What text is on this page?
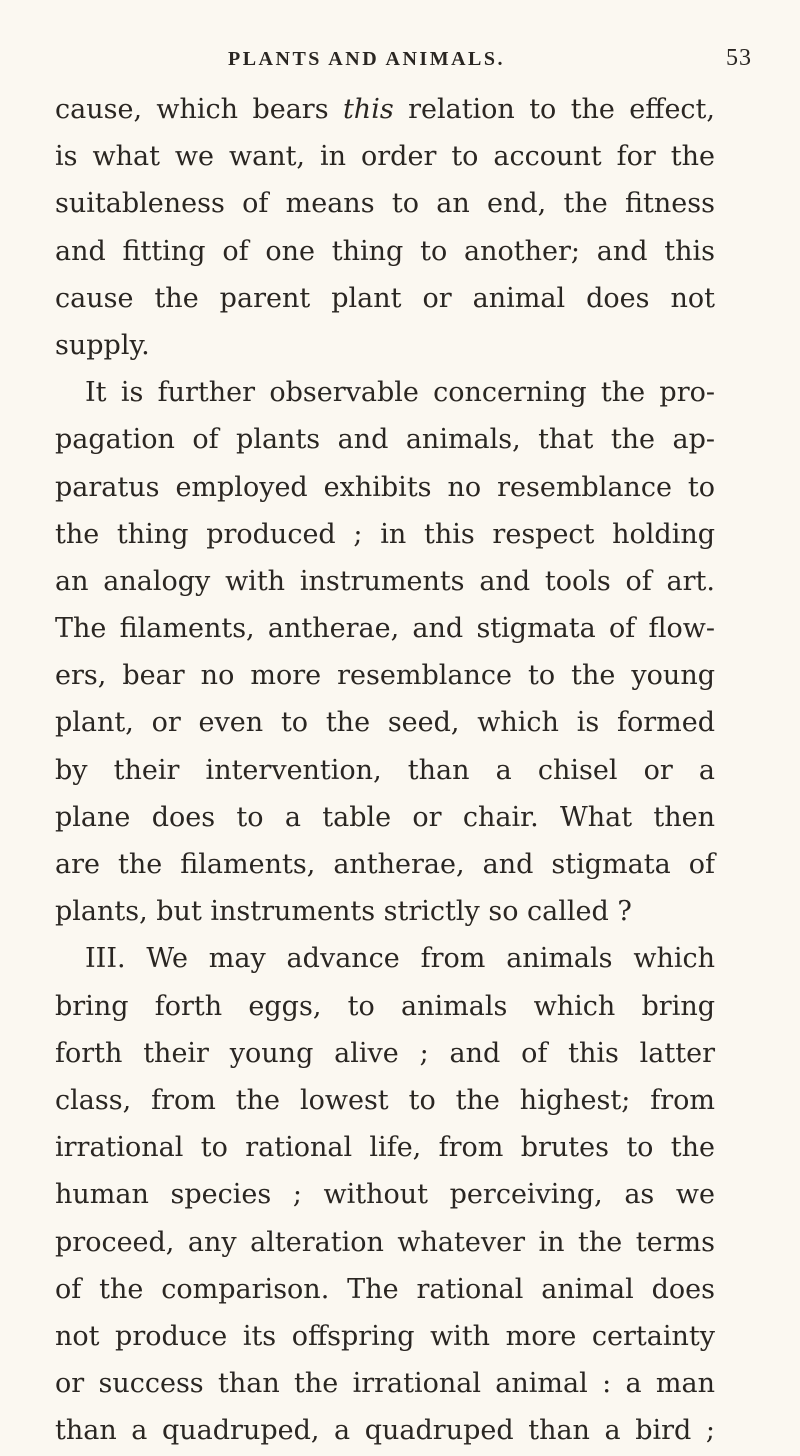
PLANTS AND ANIMALS.	53
cause, which bears this relation to the effect,
is what we want, in order to account for the
suitableness of means to an end, the fitness
and fitting of one thing to another; and this
cause the parent plant or animal does not
supply.
It is further observable concerning the pro-
pagation of plants and animals, that the ap-
paratus employed exhibits no resemblance to
the thing produced ; in this respect holding
an analogy with instruments and tools of art.
The filaments, antherae, and stigmata of flow-
ers, bear no more resemblance to the young
plant, or even to the seed, which is formed
by their intervention, than a chisel or a
plane does to a table or chair. What then
are the filaments, antherae, and stigmata of
plants, but instruments strictly so called ?
III. We may advance from animals which
bring forth eggs, to animals which bring
forth their young alive ; and of this latter
class, from the lowest to the highest; from
irrational to rational life, from brutes to the
human species ; without perceiving, as we
proceed, any alteration whatever in the terms
of the comparison. The rational animal does
not produce its offspring with more certainty
or success than the irrational animal : a man
than a quadruped, a quadruped than a bird ;
